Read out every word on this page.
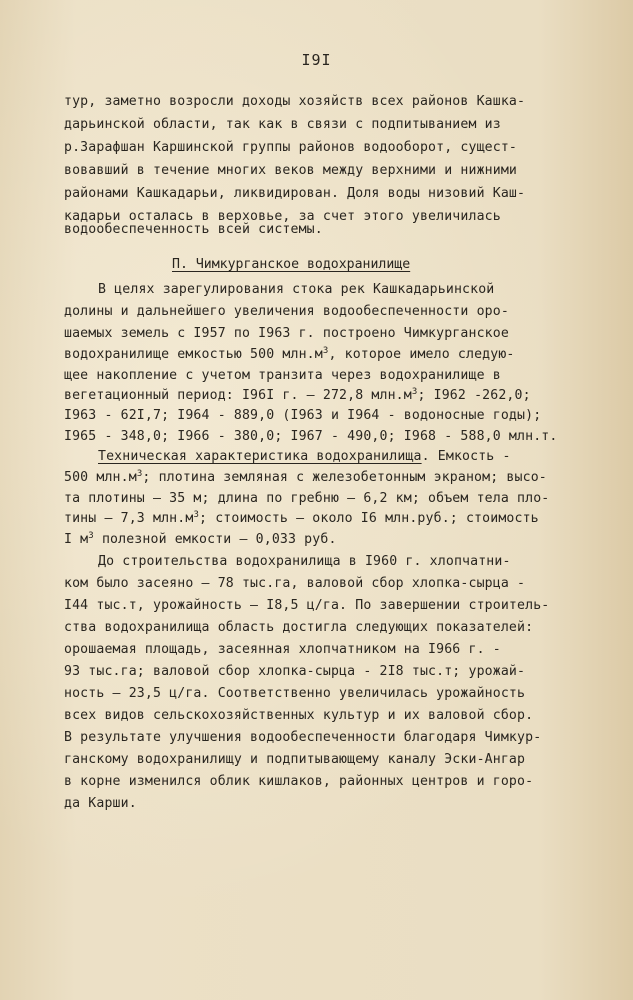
I9I
тур, заметно возросли доходы хозяйств всех районов Кашка-
дарьинской области, так как в связи с подпитыванием из
р.Зарафшан Каршинской группы районов водооборот, сущест-
вовавший в течение многих веков между верхними и нижними
районами Кашкадарьи, ликвидирован. Доля воды низовий Каш-
кадарьи осталась в верховье, за счет этого увеличилась
водообеспеченность всей системы.
П. Чимкурганское водохранилище
В целях зарегулирования стока рек Кашкадарьинской
долины и дальнейшего увеличения водообеспеченности оро-
шаемых земель с I957 по I963 г. построено Чимкурганское
водохранилище емкостью 500 $млн.м^3$, которое имело следую-
щее накопление с учетом транзита через водохранилище в
вегетационный период: I96I г. – 272,8 $млн.м^3$; I962 -262,0;
I963 - 62I,7; I964 - 889,0 (I963 и I964 - водоносные годы);
I965 - 348,0; I966 - 380,0; I967 - 490,0; I968 - 588,0 млн.т.
Техническая характеристика водохранилища. Емкость -
500 $млн.м^3$; плотина земляная с железобетонным экраном; высо-
та плотины – 35 м; длина по гребню – 6,2 км; объем тела пло-
тины – 7,3 $млн.м^3$; стоимость – около I6 млн.руб.; стоимость
I $м^3$ полезной емкости – 0,033 руб.
До строительства водохранилища в I960 г. хлопчатни-
ком было засеяно – 78 тыс.га, валовой сбор хлопка-сырца -
I44 тыс.т, урожайность – I8,5 ц/га. По завершении строитель-
ства водохранилища область достигла следующих показателей:
орошаемая площадь, засеянная хлопчатником на I966 г. -
93 тыс.га; валовой сбор хлопка-сырца - 2I8 тыс.т; урожай-
ность – 23,5 ц/га. Соответственно увеличилась урожайность
всех видов сельскохозяйственных культур и их валовой сбор.
В результате улучшения водообеспеченности благодаря Чимкур-
ганскому водохранилищу и подпитывающему каналу Эски-Ангар
в корне изменился облик кишлаков, районных центров и горо-
да Карши.
